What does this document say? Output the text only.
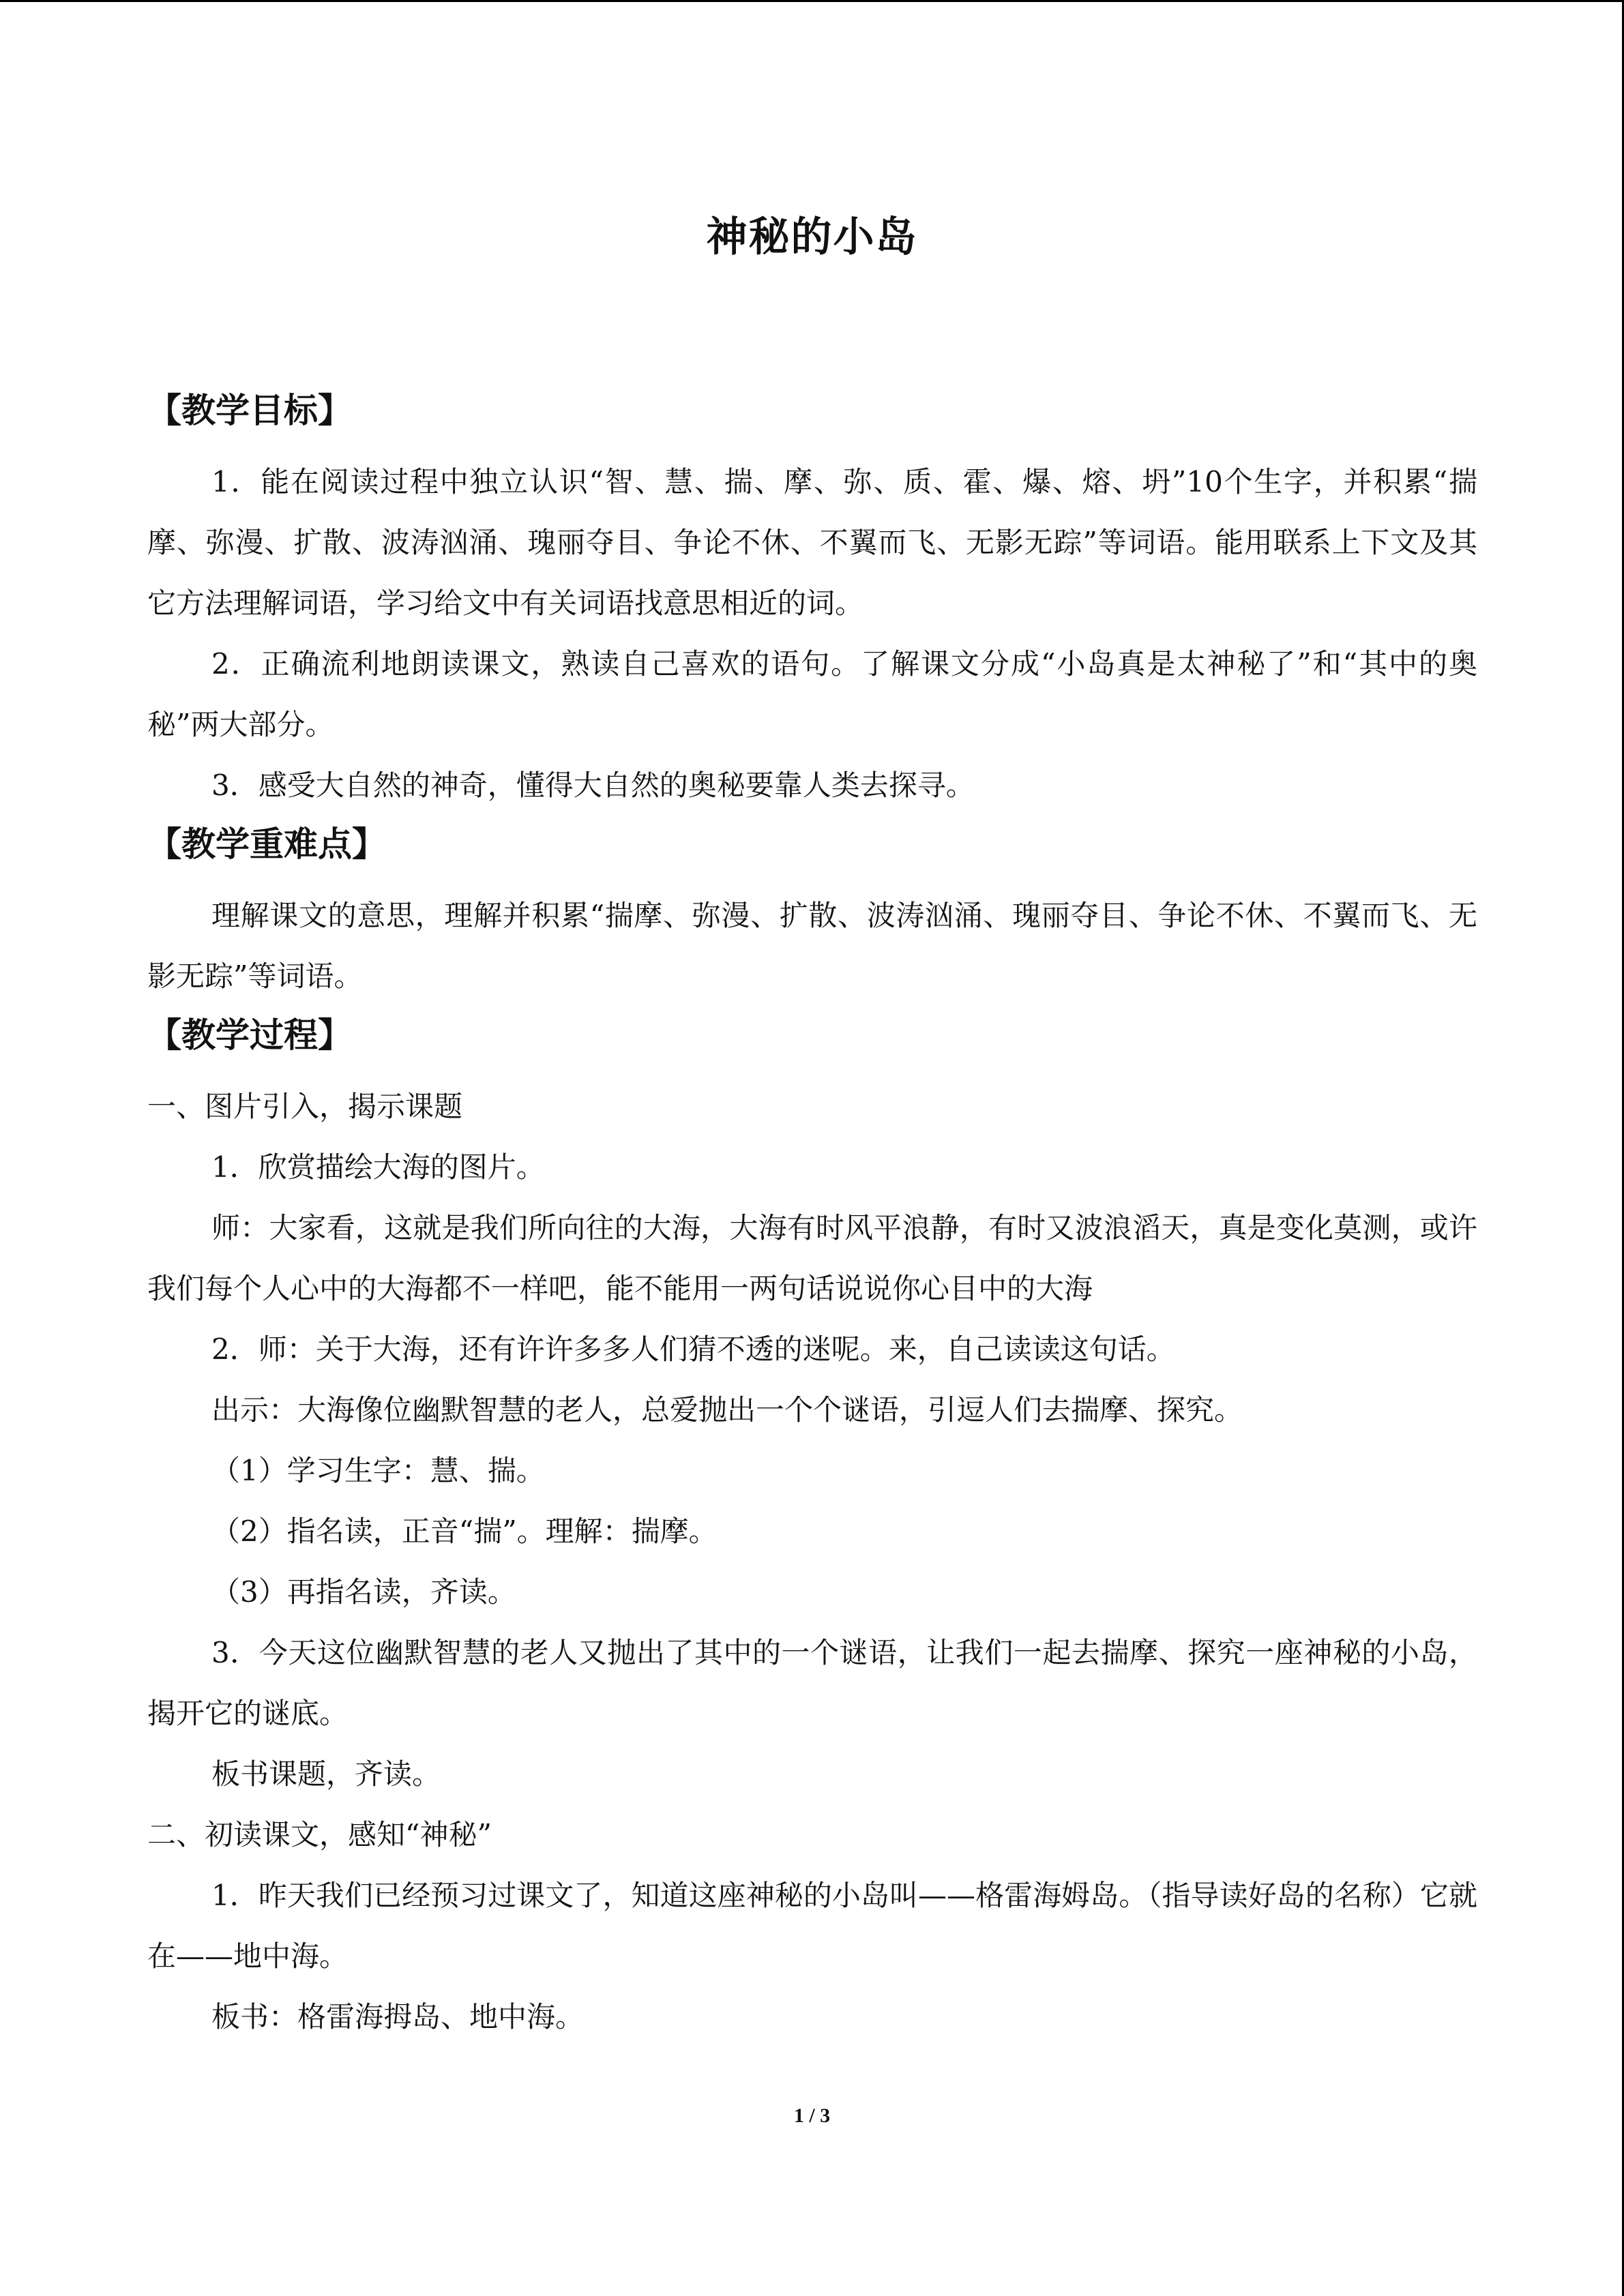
神秘的小岛
【教学目标】

1．能在阅读过程中独立认识“智、慧、揣、摩、弥、质、霍、爆、熔、坍”10个生字，并积累“揣摩、弥漫、扩散、波涛汹涌、瑰丽夺目、争论不休、不翼而飞、无影无踪”等词语。能用联系上下文及其它方法理解词语，学习给文中有关词语找意思相近的词。

2．正确流利地朗读课文，熟读自己喜欢的语句。了解课文分成“小岛真是太神秘了”和“其中的奥秘”两大部分。

3．感受大自然的神奇，懂得大自然的奥秘要靠人类去探寻。

【教学重难点】

理解课文的意思，理解并积累“揣摩、弥漫、扩散、波涛汹涌、瑰丽夺目、争论不休、不翼而飞、无影无踪”等词语。

【教学过程】

一、图片引入，揭示课题

1．欣赏描绘大海的图片。

师：大家看，这就是我们所向往的大海，大海有时风平浪静，有时又波浪滔天，真是变化莫测，或许我们每个人心中的大海都不一样吧，能不能用一两句话说说你心目中的大海

2．师：关于大海，还有许许多多人们猜不透的迷呢。来，自己读读这句话。

出示：大海像位幽默智慧的老人，总爱抛出一个个谜语，引逗人们去揣摩、探究。

（1）学习生字：慧、揣。

（2）指名读，正音“揣”。理解：揣摩。

（3）再指名读，齐读。

3．今天这位幽默智慧的老人又抛出了其中的一个谜语，让我们一起去揣摩、探究一座神秘的小岛，揭开它的谜底。

板书课题，齐读。

二、初读课文，感知“神秘”

1．昨天我们已经预习过课文了，知道这座神秘的小岛叫——格雷海姆岛。（指导读好岛的名称）它就在——地中海。

板书：格雷海拇岛、地中海。

1 / 3
